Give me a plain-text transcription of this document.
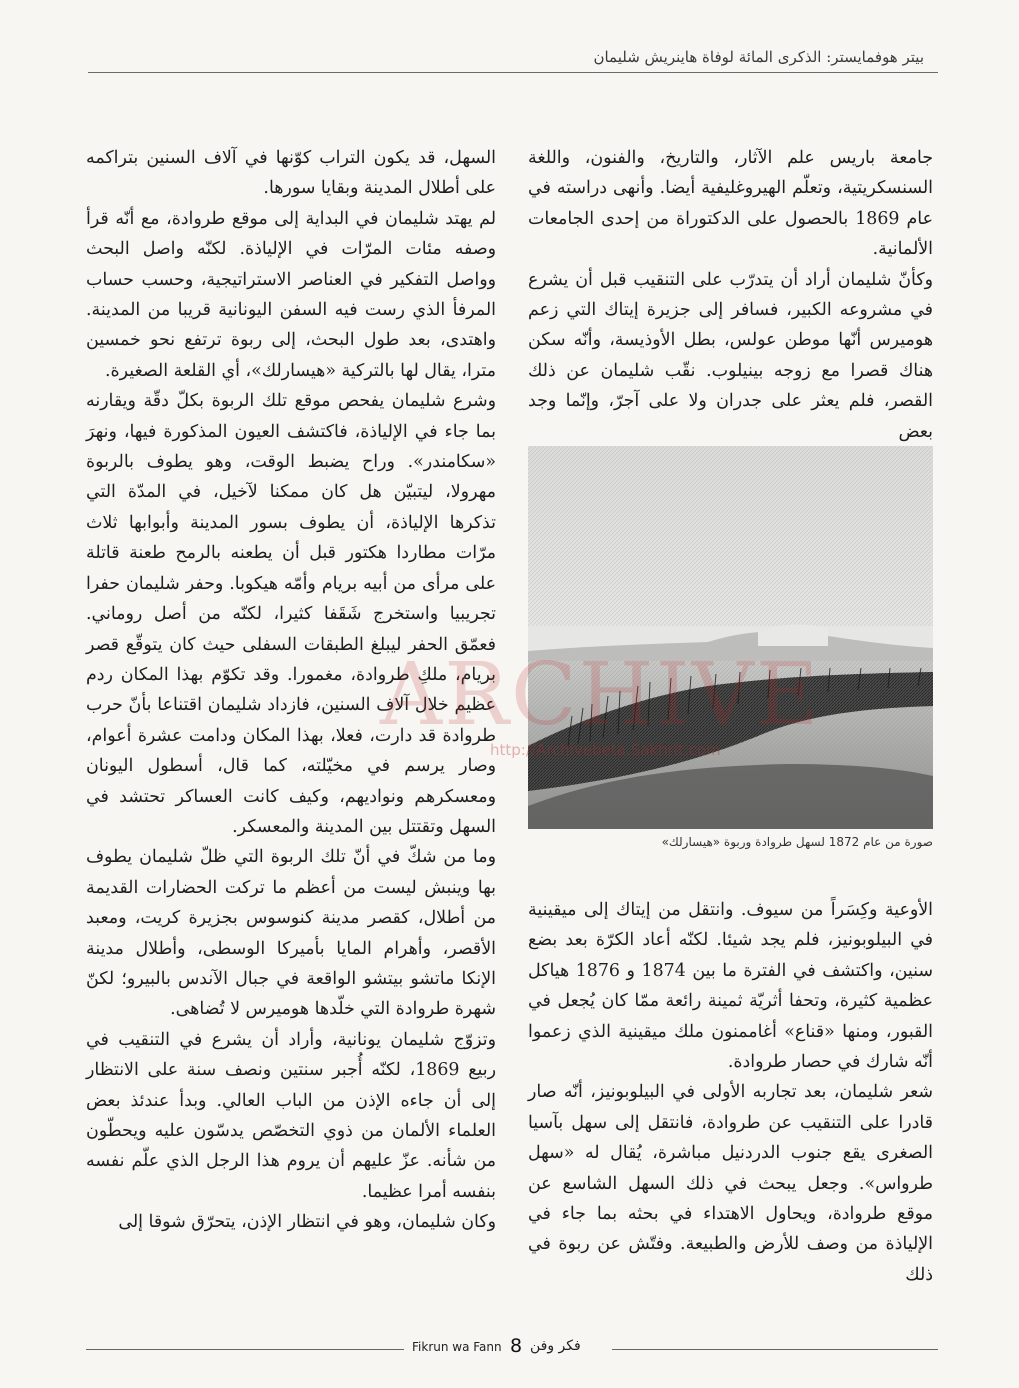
بيتر هوفمايستر: الذكرى المائة لوفاة هاينريش شليمان

جامعة باريس علم الآثار، والتاريخ، والفنون، واللغة السنسكريتية، وتعلّم الهيروغليفية أيضا. وأنهى دراسته في عام 1869 بالحصول على الدكتوراة من إحدى الجامعات الألمانية.

وكأنّ شليمان أراد أن يتدرّب على التنقيب قبل أن يشرع في مشروعه الكبير، فسافر إلى جزيرة إيتاك التي زعم هوميرس أنّها موطن عولس، بطل الأوذيسة، وأنّه سكن هناك قصرا مع زوجه بينيلوب. نقّب شليمان عن ذلك القصر، فلم يعثر على جدران ولا على آجرّ، وإنّما وجد بعض

صورة من عام 1872 لسهل طروادة وربوة «هيسارلك»

الأوعية وكِسَراً من سيوف. وانتقل من إيتاك إلى ميقينية في البيلوبونيز، فلم يجد شيئا. لكنّه أعاد الكرّة بعد بضع سنين، واكتشف في الفترة ما بين 1874 و 1876 هياكل عظمية كثيرة، وتحفا أثريّة ثمينة رائعة ممّا كان يُجعل في القبور، ومنها «قناع» أغاممنون ملك ميقينية الذي زعموا أنّه شارك في حصار طروادة.

شعر شليمان، بعد تجاربه الأولى في البيلوبونيز، أنّه صار قادرا على التنقيب عن طروادة، فانتقل إلى سهل بآسيا الصغرى يقع جنوب الدردنيل مباشرة، يُقال له «سهل طرواس». وجعل يبحث في ذلك السهل الشاسع عن موقع طروادة، ويحاول الاهتداء في بحثه بما جاء في الإلياذة من وصف للأرض والطبيعة. وفتّش عن ربوة في ذلك

السهل، قد يكون التراب كوّنها في آلاف السنين بتراكمه على أطلال المدينة وبقايا سورها.

لم يهتد شليمان في البداية إلى موقع طروادة، مع أنّه قرأ وصفه مئات المرّات في الإلياذة. لكنّه واصل البحث وواصل التفكير في العناصر الاستراتيجية، وحسب حساب المرفأ الذي رست فيه السفن اليونانية قريبا من المدينة. واهتدى، بعد طول البحث، إلى ربوة ترتفع نحو خمسين مترا، يقال لها بالتركية «هيسارلك»، أي القلعة الصغيرة.

وشرع شليمان يفحص موقع تلك الربوة بكلّ دقّة ويقارنه بما جاء في الإلياذة، فاكتشف العيون المذكورة فيها، ونهرَ «سكامندر». وراح يضبط الوقت، وهو يطوف بالربوة مهرولا، ليتبيّن هل كان ممكنا لآخيل، في المدّة التي تذكرها الإلياذة، أن يطوف بسور المدينة وأبوابها ثلاث مرّات مطاردا هكتور قبل أن يطعنه بالرمح طعنة قاتلة على مرأى من أبيه بريام وأمّه هيكوبا. وحفر شليمان حفرا تجريبيا واستخرج شَقَفا كثيرا، لكنّه من أصل روماني. فعمّق الحفر ليبلغ الطبقات السفلى حيث كان يتوقّع قصر بريام، ملكِ طروادة، مغمورا. وقد تكوّم بهذا المكان ردم عظيم خلال آلاف السنين، فازداد شليمان اقتناعا بأنّ حرب طروادة قد دارت، فعلا، بهذا المكان ودامت عشرة أعوام، وصار يرسم في مخيّلته، كما قال، أسطول اليونان ومعسكرهم ونواديهم، وكيف كانت العساكر تحتشد في السهل وتقتتل بين المدينة والمعسكر.

وما من شكّ في أنّ تلك الربوة التي ظلّ شليمان يطوف بها وينبش ليست من أعظم ما تركت الحضارات القديمة من أطلال، كقصر مدينة كنوسوس بجزيرة كريت، ومعبد الأقصر، وأهرام المايا بأميركا الوسطى، وأطلال مدينة الإنكا ماتشو بيتشو الواقعة في جبال الآندس بالبيرو؛ لكنّ شهرة طروادة التي خلّدها هوميرس لا تُضاهى.

وتزوّج شليمان يونانية، وأراد أن يشرع في التنقيب في ربيع 1869، لكنّه أُجبر سنتين ونصف سنة على الانتظار إلى أن جاءه الإذن من الباب العالي. وبدأ عندئذ بعض العلماء الألمان من ذوي التخصّص يدسّون عليه ويحطّون من شأنه. عزّ عليهم أن يروم هذا الرجل الذي علّم نفسه بنفسه أمرا عظيما.

وكان شليمان، وهو في انتظار الإذن، يتحرّق شوقا إلى

http://Archivebeta.Sakhrit.com
Fikrun wa Fann 8 فكر وفن
